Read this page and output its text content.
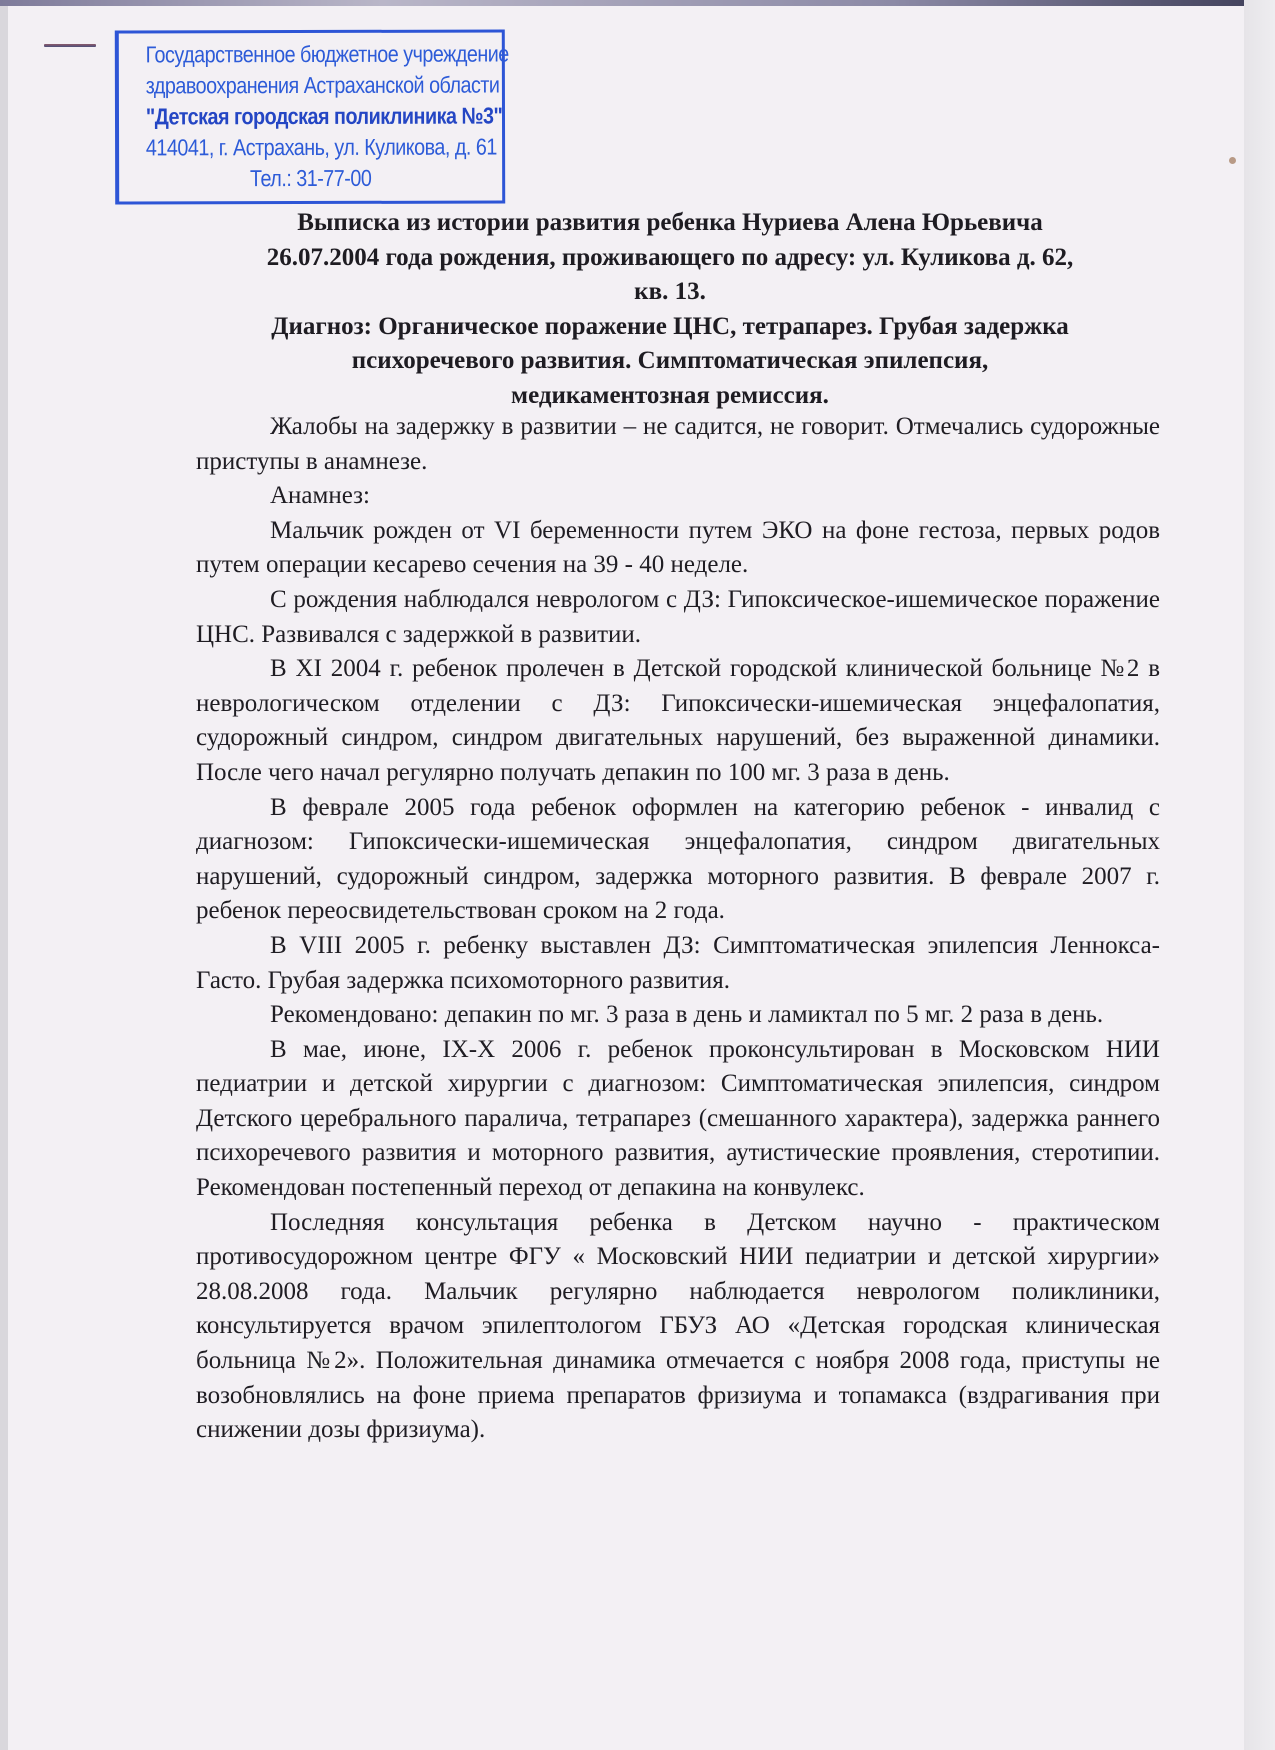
Государственное бюджетное учреждение
здравоохранения Астраханской области
"Детская городская поликлиника №3"
414041, г. Астрахань, ул. Куликова, д. 61
Тел.: 31-77-00
Выписка из истории развития ребенка Нуриева Алена Юрьевича
26.07.2004 года рождения, проживающего по адресу: ул. Куликова д. 62,
кв. 13.
Диагноз: Органическое поражение ЦНС, тетрапарез. Грубая задержка
психоречевого развития. Симптоматическая эпилепсия,
медикаментозная ремиссия.

Жалобы на задержку в развитии – не садится, не говорит. Отмечались судорожные приступы в анамнезе.

Анамнез:

Мальчик рожден от VI беременности путем ЭКО на фоне гестоза, первых родов путем операции кесарево сечения на 39 - 40 неделе.

С рождения наблюдался неврологом с ДЗ: Гипоксическое-ишемическое поражение ЦНС. Развивался с задержкой в развитии.

В XI 2004 г. ребенок пролечен в Детской городской клинической больнице №2 в неврологическом отделении с ДЗ: Гипоксически-ишемическая энцефалопатия, судорожный синдром, синдром двигательных нарушений, без выраженной динамики. После чего начал регулярно получать депакин по 100 мг. 3 раза в день.

В феврале 2005 года ребенок оформлен на категорию ребенок - инвалид с диагнозом: Гипоксически-ишемическая энцефалопатия, синдром двигательных нарушений, судорожный синдром, задержка моторного развития. В феврале 2007 г. ребенок переосвидетельствован сроком на 2 года.

В VIII 2005 г. ребенку выставлен ДЗ: Симптоматическая эпилепсия Леннокса-Гасто. Грубая задержка психомоторного развития.

Рекомендовано: депакин по мг. 3 раза в день и ламиктал по 5 мг. 2 раза в день.

В мае, июне, IX-X 2006 г. ребенок проконсультирован в Московском НИИ педиатрии и детской хирургии с диагнозом: Симптоматическая эпилепсия, синдром Детского церебрального паралича, тетрапарез (смешанного характера), задержка раннего психоречевого развития и моторного развития, аутистические проявления, стеротипии. Рекомендован постепенный переход от депакина на конвулекс.

Последняя консультация ребенка в Детском научно - практическом противосудорожном центре ФГУ « Московский НИИ педиатрии и детской хирургии» 28.08.2008 года. Мальчик регулярно наблюдается неврологом поликлиники, консультируется врачом эпилептологом ГБУЗ АО «Детская городская клиническая больница №2». Положительная динамика отмечается с ноября 2008 года, приступы не возобновлялись на фоне приема препаратов фризиума и топамакса (вздрагивания при снижении дозы фризиума).
